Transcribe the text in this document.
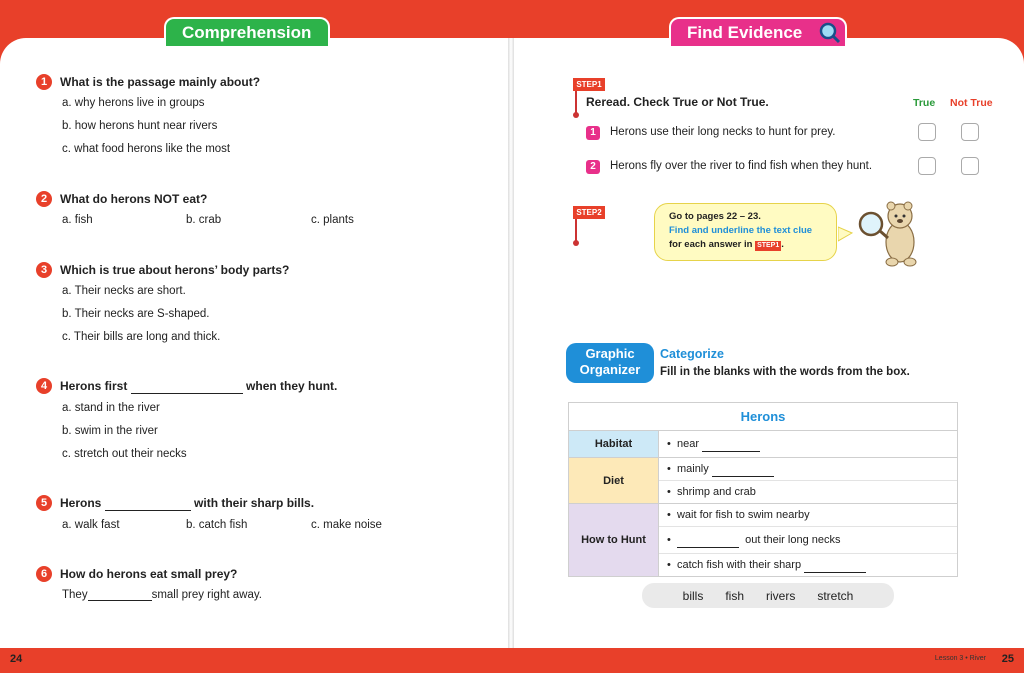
Comprehension	Find Evidence
1 What is the passage mainly about?
a. why herons live in groups
b. how herons hunt near rivers
c. what food herons like the most
2 What do herons NOT eat?
a. fish	b. crab	c. plants
3 Which is true about herons’ body parts?
a. Their necks are short.
b. Their necks are S-shaped.
c. Their bills are long and thick.
4 Herons first	when they hunt.
a. stand in the river
b. swim in the river
c. stretch out their necks
5 Herons	with their sharp bills.
a. walk fast	b. catch fish	c. make noise
6 How do herons eat small prey?
They	small prey right away.
STEP1
Reread. Check True or Not True.	True Not True
1 Herons use their long necks to hunt for prey.
2 Herons fly over the river to find fish when they hunt.
STEP2	Go to pages 22 – 23.
Find and underline the text clue
for each answer in STEP1 .
Graphic
Organizer
Categorize
Fill in the blanks with the words from the box.
Herons	
Habitat	•  near

Diet	•  mainly
•  shrimp and crab

How to Hunt	•  wait for fish to swim nearby
• out their long necks
•  catch fish with their sharp
bills fish rivers stretch
24	Lesson 3 • River 25
